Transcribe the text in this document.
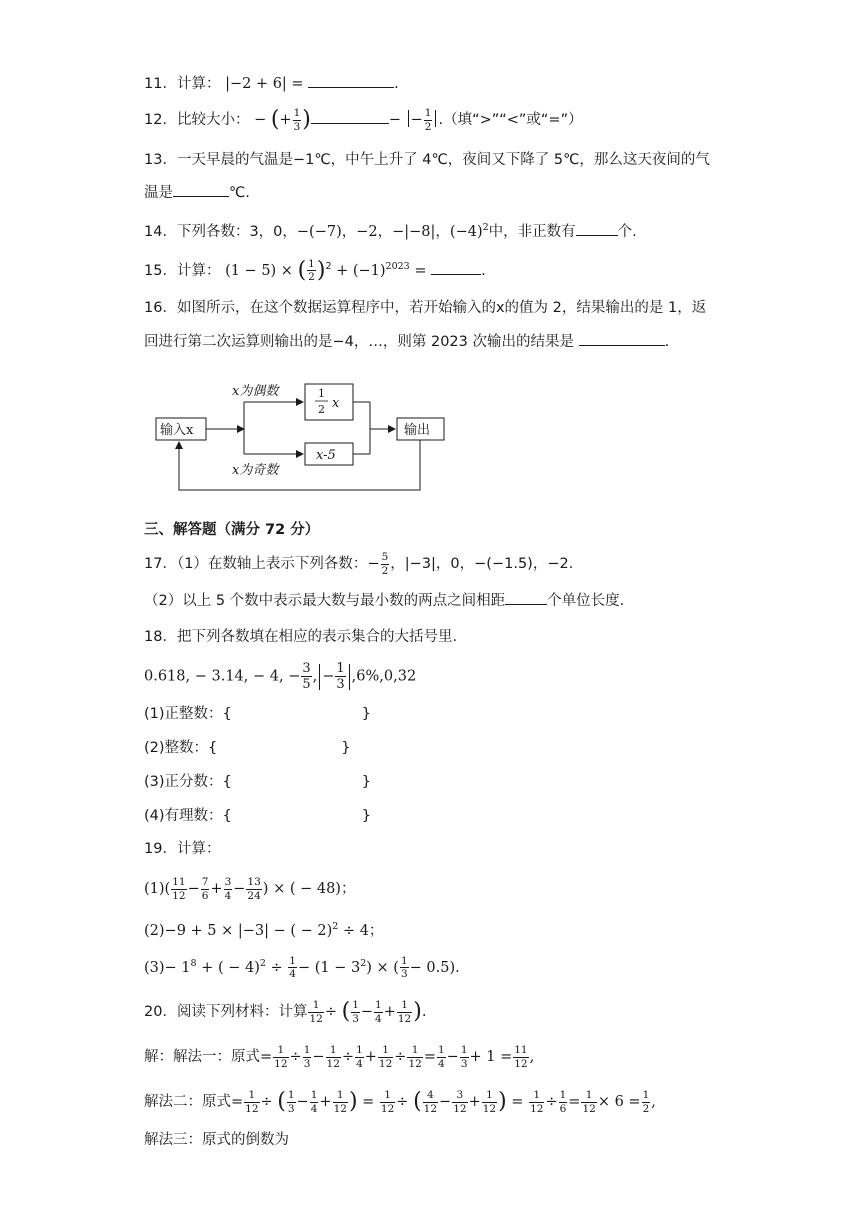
11．计算： |−2 + 6| =	.
12．比较大小： − (+ $\frac{1}{3}$ )	− − $\frac{1}{2}$ .（填“>”“<”或“=”）
13．一天早晨的气温是−1℃，中午上升了 4℃，夜间又下降了 5℃，那么这天夜间的气
温是	℃.
14．下列各数：3，0，−(−7)，−2，−|−8|，$(-4)^2$中，非正数有	个.
15．计算： (1 − 5) × ( $\frac{1}{2} )^2 + (-1)^{2023}$ =	.
16．如图所示，在这个数据运算程序中，若开始输入的x的值为 2，结果输出的是 1，返
回进行第二次运算则输出的是−4，…，则第 2023 次输出的结果是	.
输入x
x为偶数
x为奇数
1
2 x
x-5
输出
三、解答题（满分 72 分）
17．（1）在数轴上表示下列各数：− $\frac{5}{2}$ ，|−3|，0，−(−1.5)，−2.
（2）以上 5 个数中表示最大数与最小数的两点之间相距	个单位长度.
18．把下列各数填在相应的表示集合的大括号里.
0.618, − 3.14, − 4, − $\frac{3}{5}$ , − $\frac{1}{3} ,6\%,0,32$
(1)正整数：{	}
(2)整数：{	}
(3)正分数：{	}
(4)有理数：{	}
19．计算：
$(1)( \frac{11}{12} - \frac{7}{6} + \frac{3}{4} - \frac{13}{24}$ ) × ( − 48)；
(2)−9 + 5 × |−3| − ( − 2)$^2$ ÷ 4；
$(3)- 1^8$ + ( − $4)^2 \div \frac{1}{4} - (1 - 3^2)$ × ( $\frac{1}{3} - 0.5$).
20．阅读下列材料：计算 $\frac{1}{12}$ ÷ ( $\frac{1}{3} - \frac{1}{4} + \frac{1}{12}$ ).
解：解法一：原式= $\frac{1}{12} \div \frac{1}{3} - \frac{1}{12} \div \frac{1}{4} + \frac{1}{12} \div \frac{1}{12} = \frac{1}{4} - \frac{1}{3} + 1 = \frac{11}{12}$ ,
解法二：原式= $\frac{1}{12}$ ÷ ( $\frac{1}{3} - \frac{1}{4} + \frac{1}{12}$ ) = $\frac{1}{12}$ ÷ ( $\frac{4}{12} - \frac{3}{12} + \frac{1}{12}$ ) = $\frac{1}{12} \div \frac{1}{6} = \frac{1}{12} \times 6 = \frac{1}{2}$ ,
解法三：原式的倒数为
